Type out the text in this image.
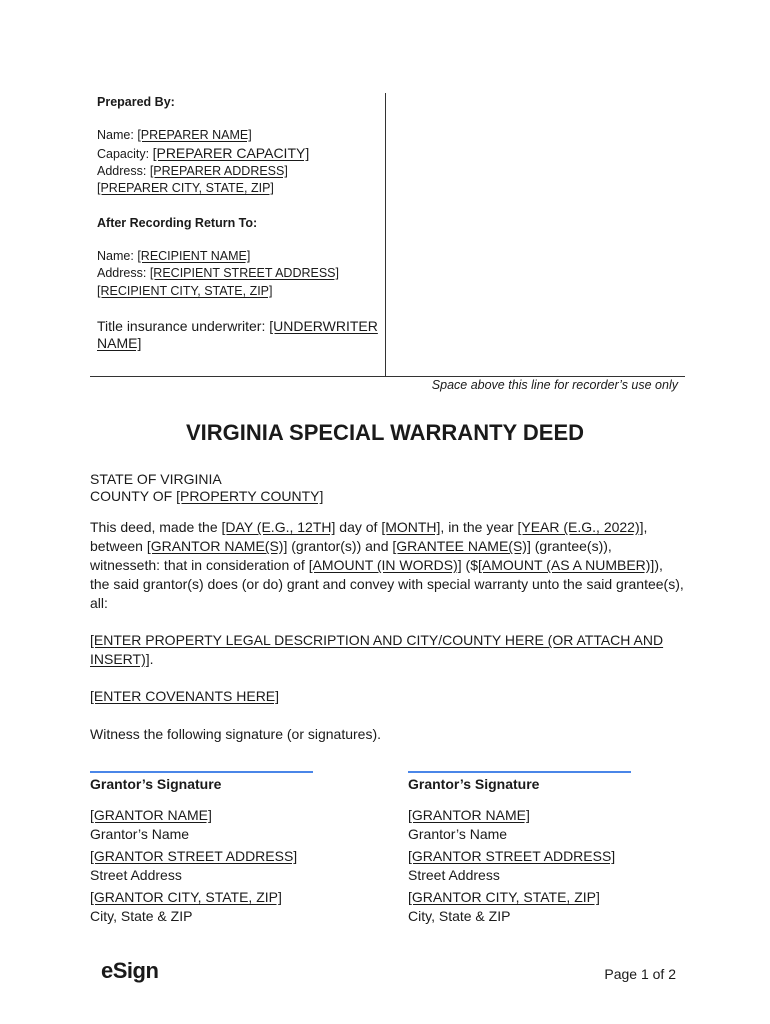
Prepared By:
Name: [PREPARER NAME]
Capacity: [PREPARER CAPACITY]
Address: [PREPARER ADDRESS]
[PREPARER CITY, STATE, ZIP]
After Recording Return To:
Name: [RECIPIENT NAME]
Address: [RECIPIENT STREET ADDRESS]
[RECIPIENT CITY, STATE, ZIP]
Title insurance underwriter: [UNDERWRITER
NAME]
Space above this line for recorder’s use only
VIRGINIA SPECIAL WARRANTY DEED
STATE OF VIRGINIA
COUNTY OF [PROPERTY COUNTY]
This deed, made the [DAY (E.G., 12TH] day of [MONTH], in the year [YEAR (E.G., 2022)],
between [GRANTOR NAME(S)] (grantor(s)) and [GRANTEE NAME(S)] (grantee(s)),
witnesseth: that in consideration of [AMOUNT (IN WORDS)] ($[AMOUNT (AS A NUMBER)]),
the said grantor(s) does (or do) grant and convey with special warranty unto the said grantee(s),
all:
[ENTER PROPERTY LEGAL DESCRIPTION AND CITY/COUNTY HERE (OR ATTACH AND
INSERT)].
[ENTER COVENANTS HERE]
Witness the following signature (or signatures).
Grantor’s Signature
[GRANTOR NAME]
Grantor’s Name
[GRANTOR STREET ADDRESS]
Street Address
[GRANTOR CITY, STATE, ZIP]
City, State & ZIP
Grantor’s Signature
[GRANTOR NAME]
Grantor’s Name
[GRANTOR STREET ADDRESS]
Street Address
[GRANTOR CITY, STATE, ZIP]
City, State & ZIP
eSign	Page 1 of 2
